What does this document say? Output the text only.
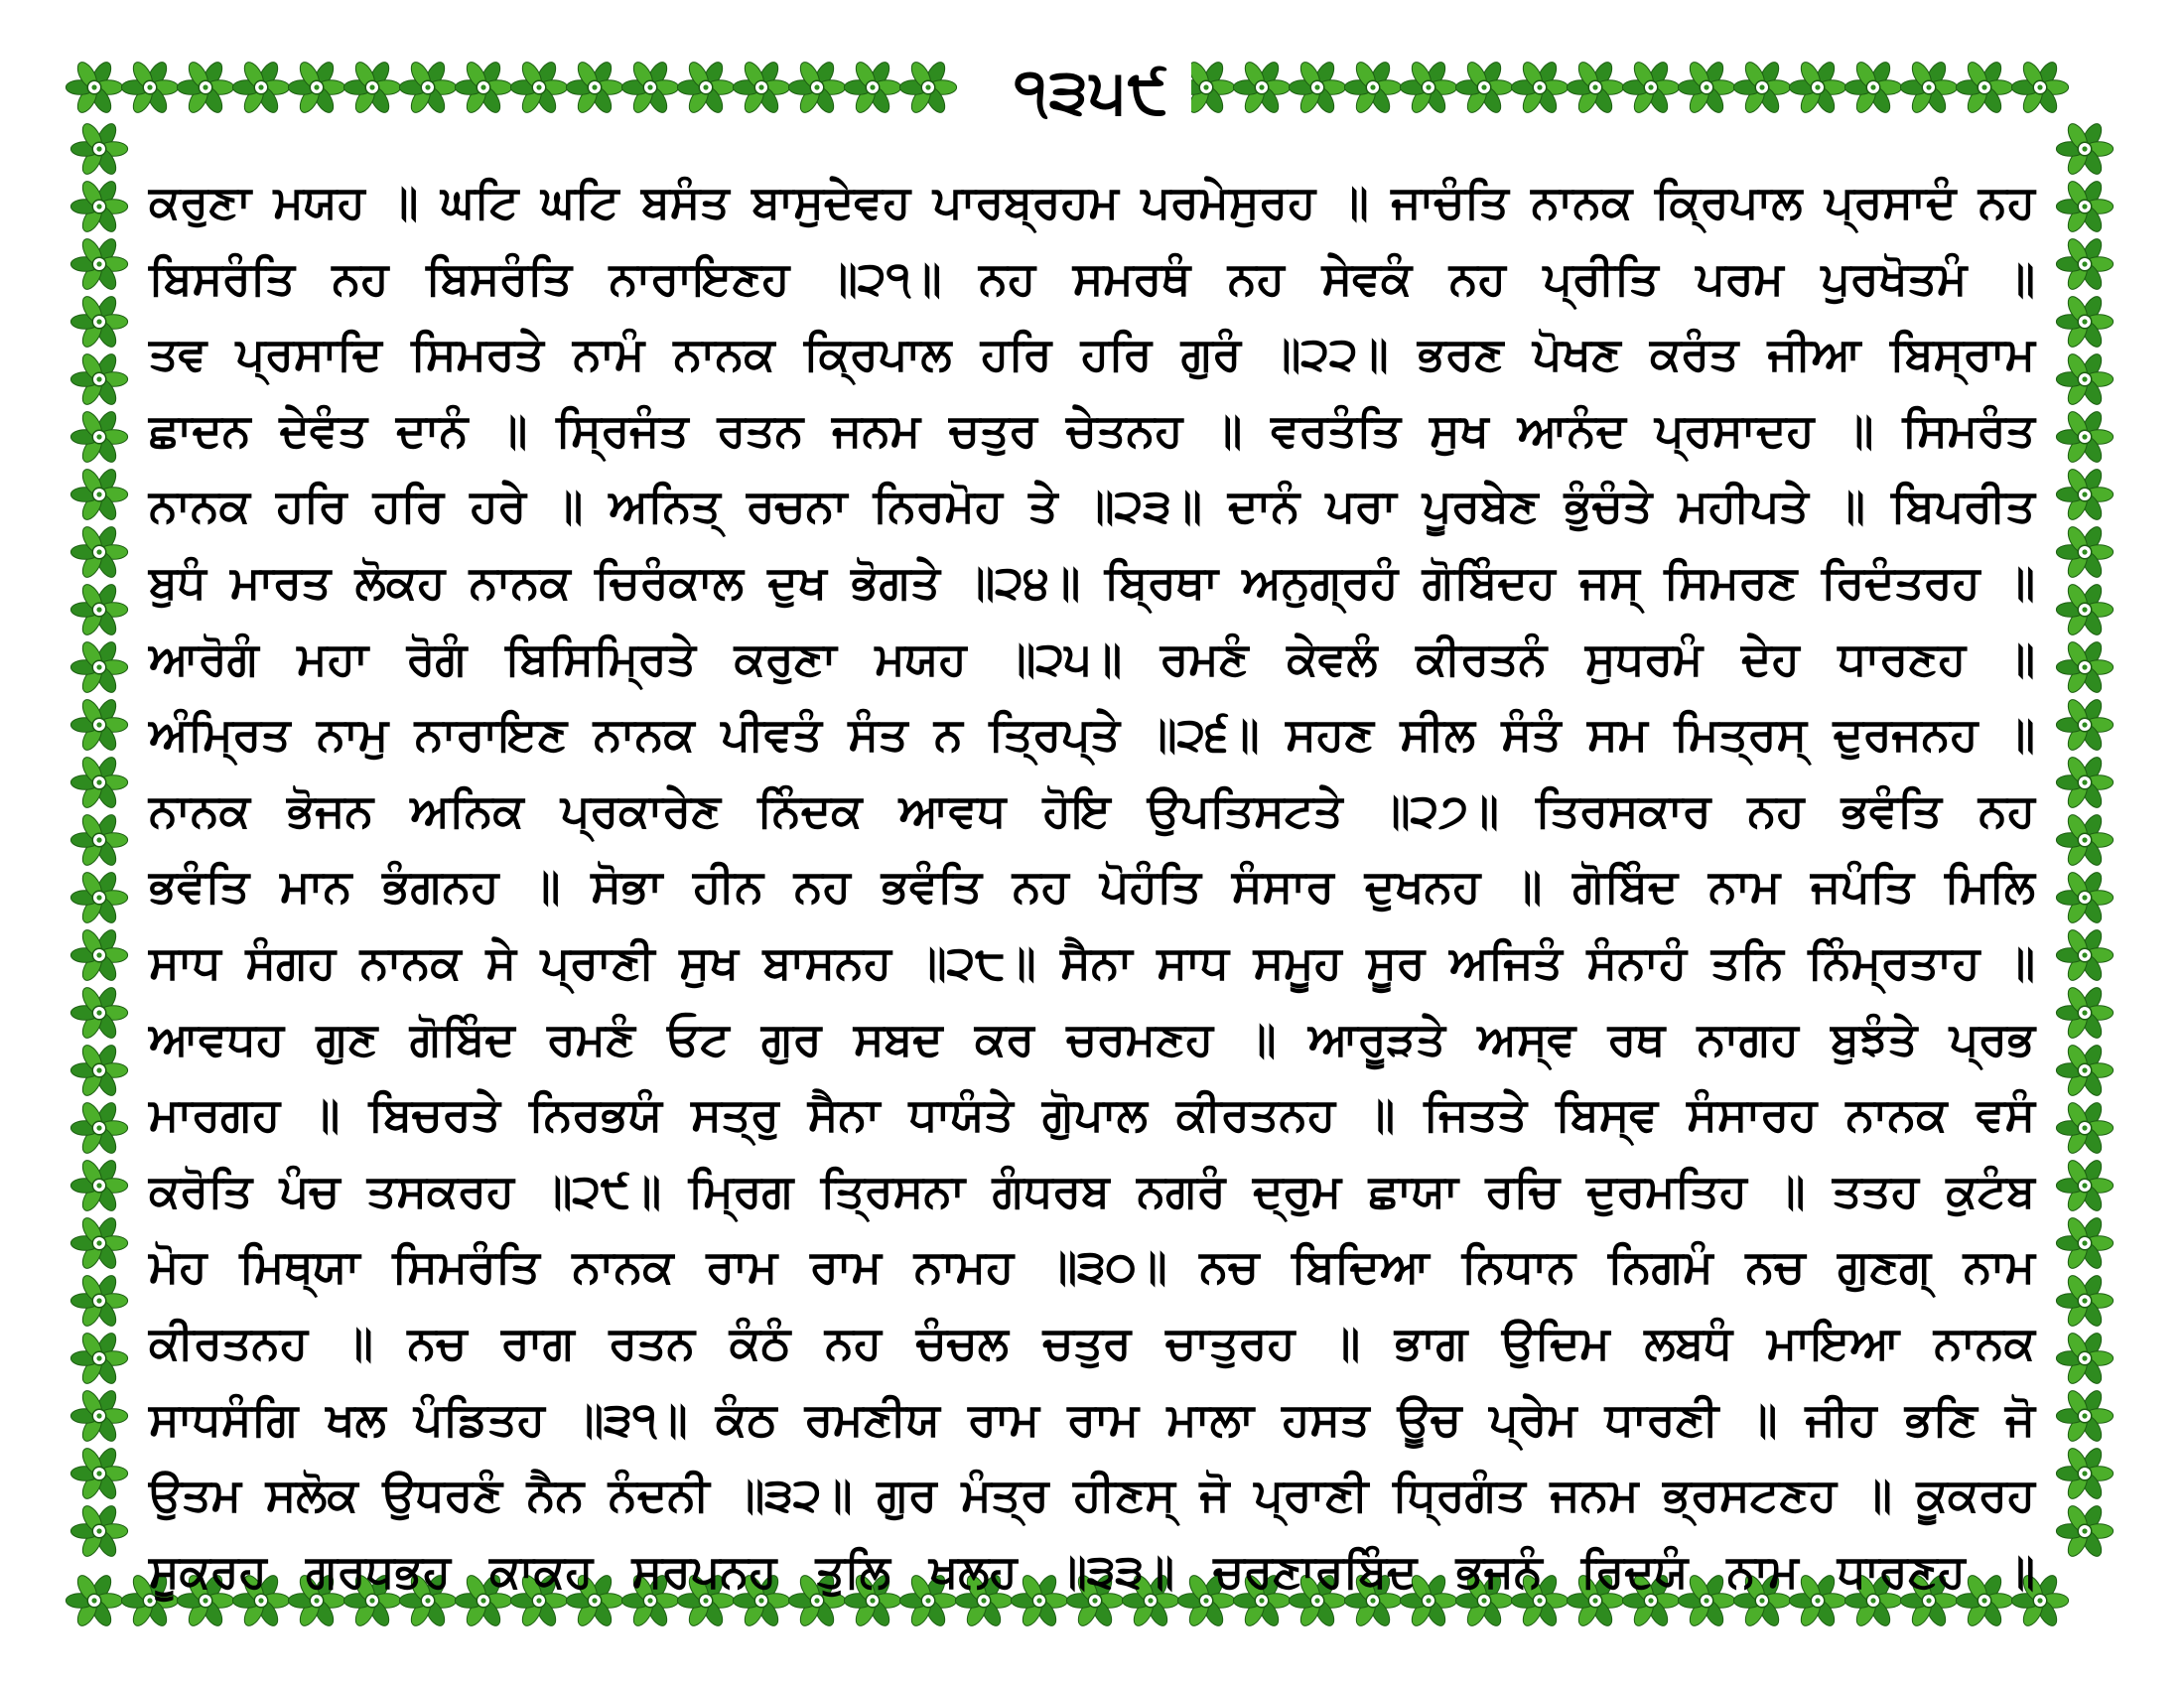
੧੩੫੯
ਕਰੁਣਾ ਮਯਹ ॥ ਘਟਿ ਘਟਿ ਬਸੰਤ ਬਾਸੁਦੇਵਹ ਪਾਰਬ੍ਰਹਮ ਪਰਮੇਸੁਰਹ ॥ ਜਾਚੰਤਿ ਨਾਨਕ ਕ੍ਰਿਪਾਲ ਪ੍ਰਸਾਦੰ ਨਹ
ਬਿਸਰੰਤਿ ਨਹ ਬਿਸਰੰਤਿ ਨਾਰਾਇਣਹ ॥੨੧॥ ਨਹ ਸਮਰਥੰ ਨਹ ਸੇਵਕੰ ਨਹ ਪ੍ਰੀਤਿ ਪਰਮ ਪੁਰਖੋਤਮੰ ॥
ਤਵ ਪ੍ਰਸਾਦਿ ਸਿਮਰਤੇ ਨਾਮੰ ਨਾਨਕ ਕ੍ਰਿਪਾਲ ਹਰਿ ਹਰਿ ਗੁਰੰ ॥੨੨॥ ਭਰਣ ਪੋਖਣ ਕਰੰਤ ਜੀਆ ਬਿਸ੍ਰਾਮ
ਛਾਦਨ ਦੇਵੰਤ ਦਾਨੰ ॥ ਸ੍ਰਿਜੰਤ ਰਤਨ ਜਨਮ ਚਤੁਰ ਚੇਤਨਹ ॥ ਵਰਤੰਤਿ ਸੁਖ ਆਨੰਦ ਪ੍ਰਸਾਦਹ ॥ ਸਿਮਰੰਤ
ਨਾਨਕ ਹਰਿ ਹਰਿ ਹਰੇ ॥ ਅਨਿਤ੍ ਰਚਨਾ ਨਿਰਮੋਹ ਤੇ ॥੨੩॥ ਦਾਨੰ ਪਰਾ ਪੂਰਬੇਣ ਭੁੰਚੰਤੇ ਮਹੀਪਤੇ ॥ ਬਿਪਰੀਤ
ਬੁਧੰ ਮਾਰਤ ਲੋਕਹ ਨਾਨਕ ਚਿਰੰਕਾਲ ਦੁਖ ਭੋਗਤੇ ॥੨੪॥ ਬ੍ਰਿਥਾ ਅਨੁਗ੍ਰਹੰ ਗੋਬਿੰਦਹ ਜਸ੍ ਸਿਮਰਣ ਰਿਦੰਤਰਹ ॥
ਆਰੋਗੰ ਮਹਾ ਰੋਗੰ ਬਿਸਿਮ੍ਰਿਤੇ ਕਰੁਣਾ ਮਯਹ ॥੨੫॥ ਰਮਣੰ ਕੇਵਲੰ ਕੀਰਤਨੰ ਸੁਧਰਮੰ ਦੇਹ ਧਾਰਣਹ ॥
ਅੰਮ੍ਰਿਤ ਨਾਮੁ ਨਾਰਾਇਣ ਨਾਨਕ ਪੀਵਤੰ ਸੰਤ ਨ ਤ੍ਰਿਪ੍ਤੇ ॥੨੬॥ ਸਹਣ ਸੀਲ ਸੰਤੰ ਸਮ ਮਿਤ੍ਰਸ੍ ਦੁਰਜਨਹ ॥
ਨਾਨਕ ਭੋਜਨ ਅਨਿਕ ਪ੍ਰਕਾਰੇਣ ਨਿੰਦਕ ਆਵਧ ਹੋਇ ਉਪਤਿਸਟਤੇ ॥੨੭॥ ਤਿਰਸਕਾਰ ਨਹ ਭਵੰਤਿ ਨਹ
ਭਵੰਤਿ ਮਾਨ ਭੰਗਨਹ ॥ ਸੋਭਾ ਹੀਨ ਨਹ ਭਵੰਤਿ ਨਹ ਪੋਹੰਤਿ ਸੰਸਾਰ ਦੁਖਨਹ ॥ ਗੋਬਿੰਦ ਨਾਮ ਜਪੰਤਿ ਮਿਲਿ
ਸਾਧ ਸੰਗਹ ਨਾਨਕ ਸੇ ਪ੍ਰਾਣੀ ਸੁਖ ਬਾਸਨਹ ॥੨੮॥ ਸੈਨਾ ਸਾਧ ਸਮੂਹ ਸੂਰ ਅਜਿਤੰ ਸੰਨਾਹੰ ਤਨਿ ਨਿੰਮ੍ਰਤਾਹ ॥
ਆਵਧਹ ਗੁਣ ਗੋਬਿੰਦ ਰਮਣੰ ਓਟ ਗੁਰ ਸਬਦ ਕਰ ਚਰਮਣਹ ॥ ਆਰੂੜਤੇ ਅਸ੍ਵ ਰਥ ਨਾਗਹ ਬੁਝੰਤੇ ਪ੍ਰਭ
ਮਾਰਗਹ ॥ ਬਿਚਰਤੇ ਨਿਰਭਯੰ ਸਤ੍ਰੁ ਸੈਨਾ ਧਾਯੰਤੇ ਗੋੁਪਾਲ ਕੀਰਤਨਹ ॥ ਜਿਤਤੇ ਬਿਸ੍ਵ ਸੰਸਾਰਹ ਨਾਨਕ ਵਸੰ
ਕਰੋਤਿ ਪੰਚ ਤਸਕਰਹ ॥੨੯॥ ਮ੍ਰਿਗ ਤ੍ਰਿਸਨਾ ਗੰਧਰਬ ਨਗਰੰ ਦ੍ਰੁਮ ਛਾਯਾ ਰਚਿ ਦੁਰਮਤਿਹ ॥ ਤਤਹ ਕੁਟੰਬ
ਮੋਹ ਮਿਥ੍ਯਾ ਸਿਮਰੰਤਿ ਨਾਨਕ ਰਾਮ ਰਾਮ ਨਾਮਹ ॥੩੦॥ ਨਚ ਬਿਦਿਆ ਨਿਧਾਨ ਨਿਗਮੰ ਨਚ ਗੁਣਗ੍ ਨਾਮ
ਕੀਰਤਨਹ ॥ ਨਚ ਰਾਗ ਰਤਨ ਕੰਠੰ ਨਹ ਚੰਚਲ ਚਤੁਰ ਚਾਤੁਰਹ ॥ ਭਾਗ ਉਦਿਮ ਲਬਧੰ ਮਾਇਆ ਨਾਨਕ
ਸਾਧਸੰਗਿ ਖਲ ਪੰਡਿਤਹ ॥੩੧॥ ਕੰਠ ਰਮਣੀਯ ਰਾਮ ਰਾਮ ਮਾਲਾ ਹਸਤ ਊਚ ਪ੍ਰੇਮ ਧਾਰਣੀ ॥ ਜੀਹ ਭਣਿ ਜੋ
ਉਤਮ ਸਲੋਕ ਉਧਰਣੰ ਨੈਨ ਨੰਦਨੀ ॥੩੨॥ ਗੁਰ ਮੰਤ੍ਰ ਹੀਣਸ੍ ਜੋ ਪ੍ਰਾਣੀ ਧ੍ਰਿਗੰਤ ਜਨਮ ਭ੍ਰਸਟਣਹ ॥ ਕੂਕਰਹ
ਸੂਕਰਹ ਗਰਧਭਹ ਕਾਕਹ ਸਰਪਨਹ ਤੁਲਿ ਖਲਹ ॥੩੩॥ ਚਰਣਾਰਬਿੰਦ ਭਜਨੰ ਰਿਦਯੰ ਨਾਮ ਧਾਰਣਹ ॥
